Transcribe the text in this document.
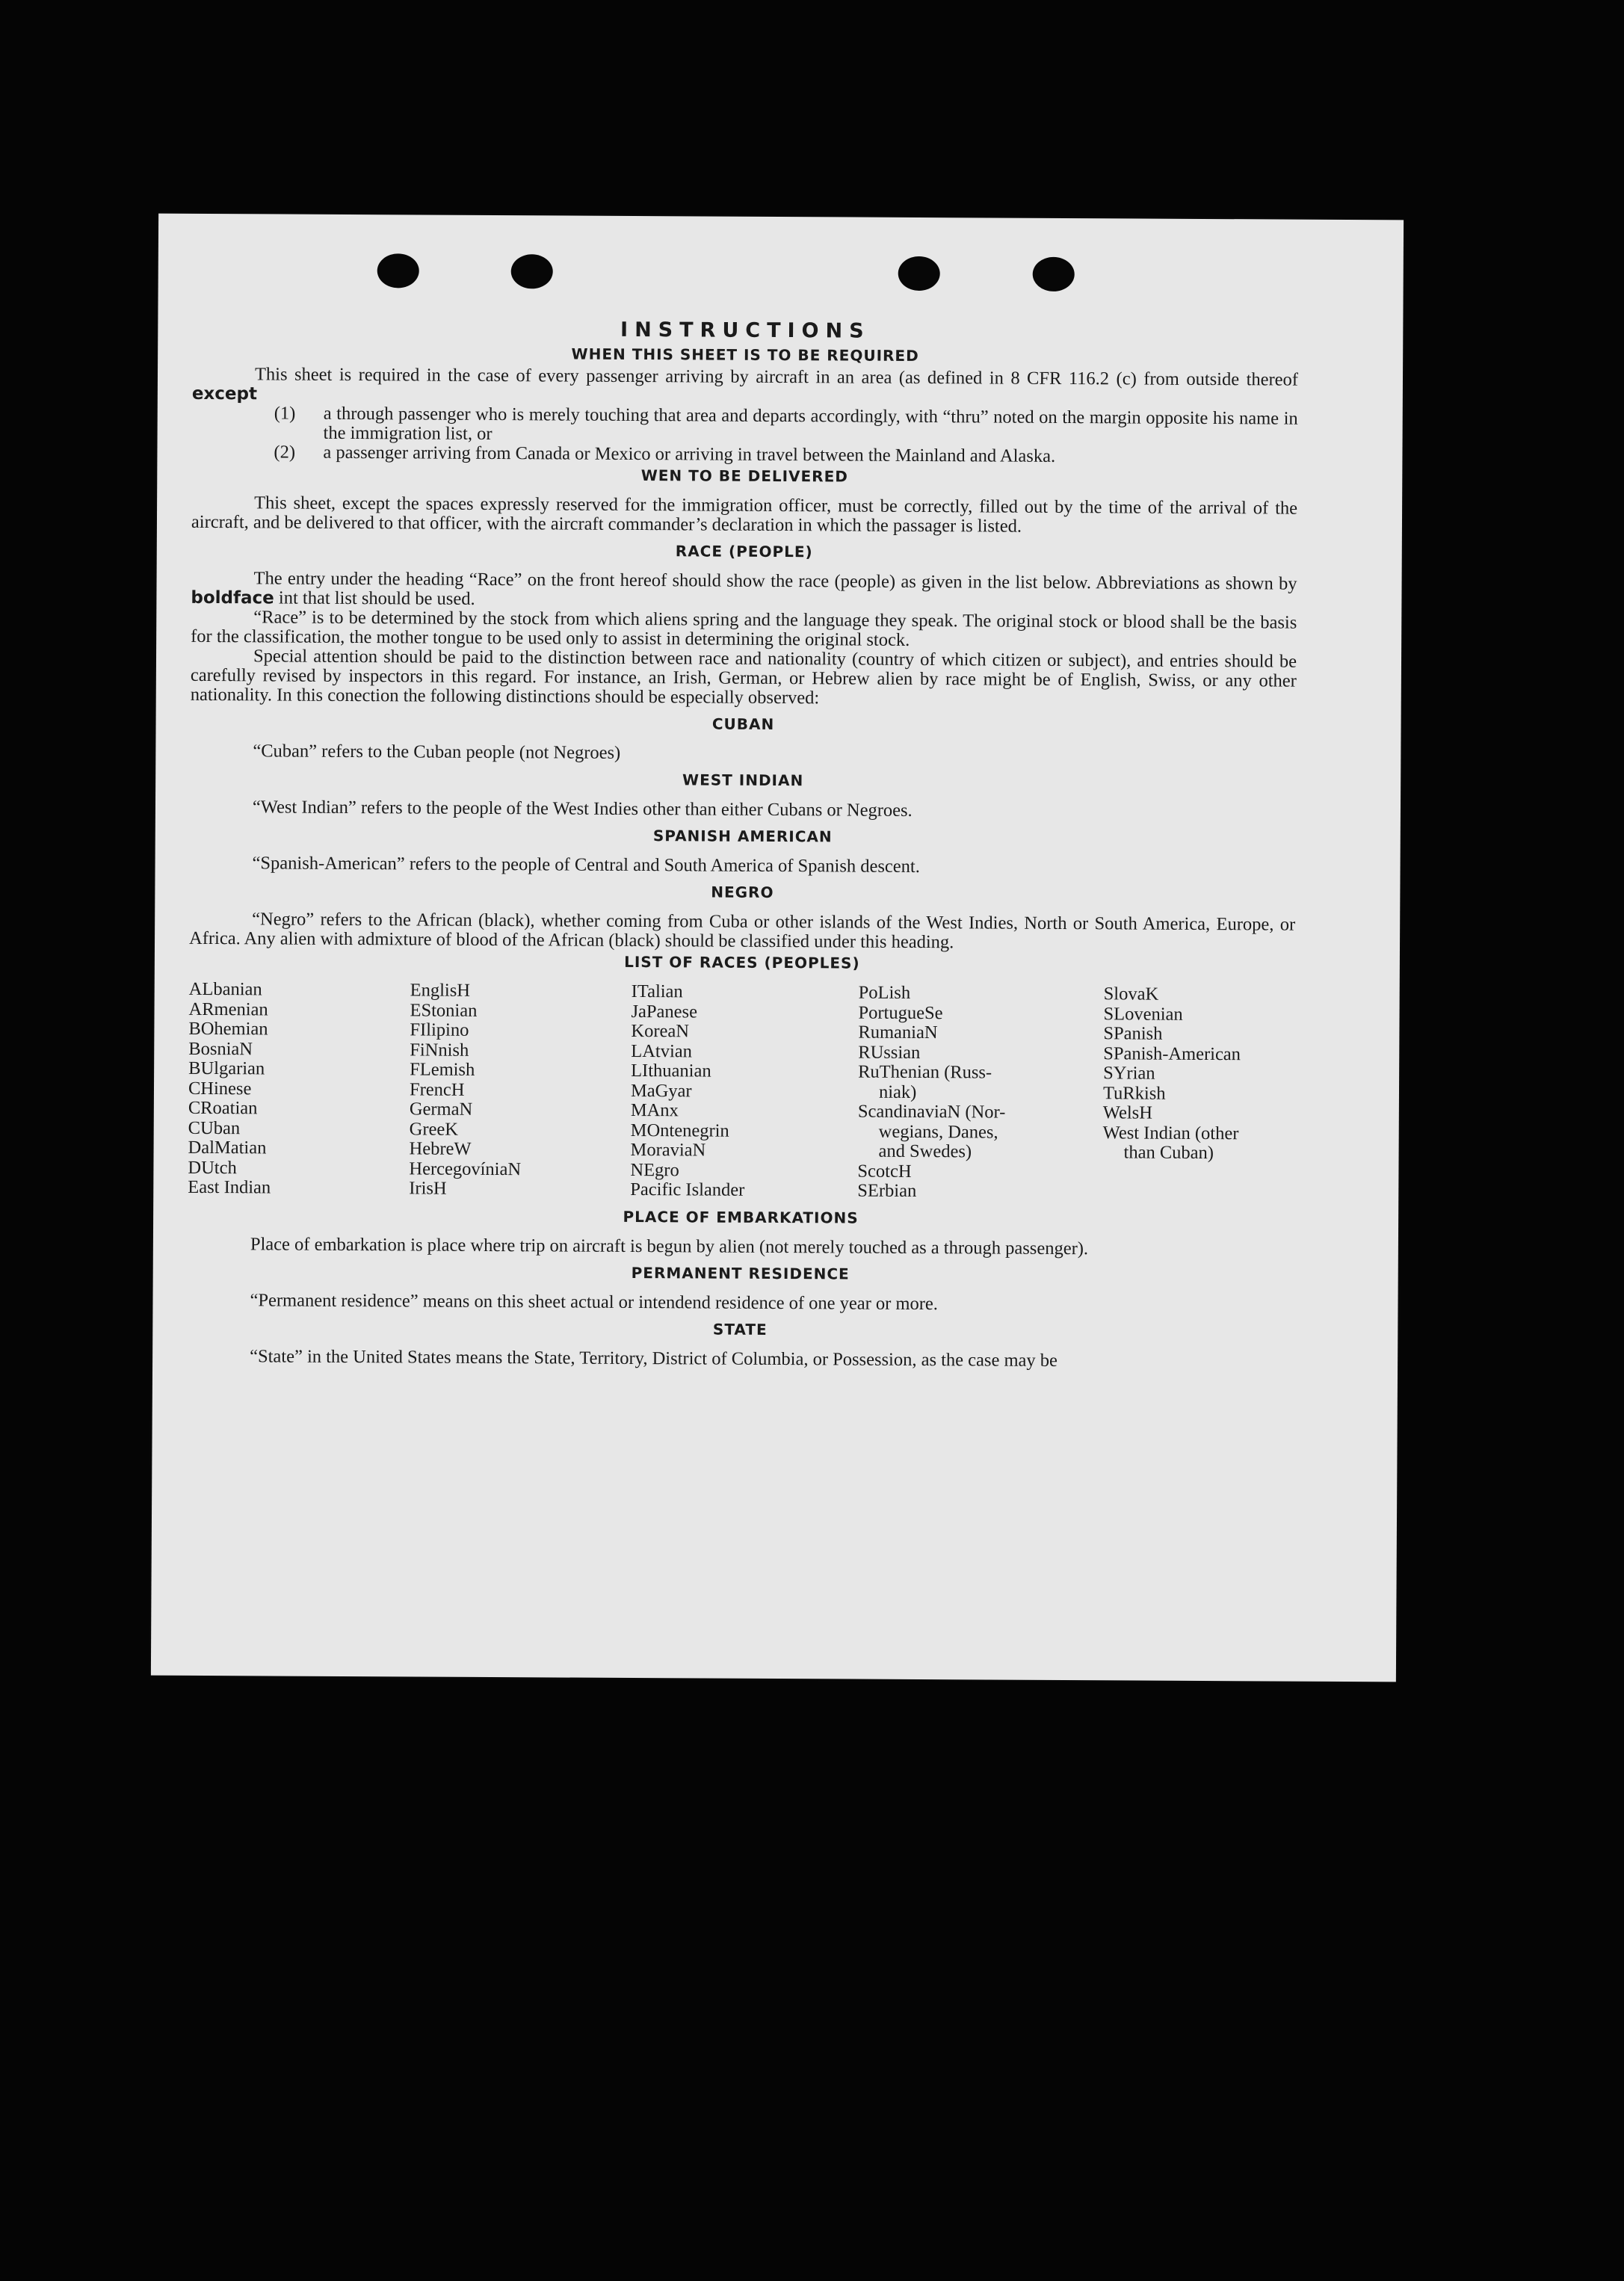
INSTRUCTIONS
WHEN THIS SHEET IS TO BE REQUIRED

This sheet is required in the case of every passenger arriving by aircraft in an area (as defined in 8 CFR 116.2 (c) from outside thereof except

(1) a through passenger who is merely touching that area and departs accordingly, with “thru” noted on the margin opposite his name in the immigration list, or
(2) a passenger arriving from Canada or Mexico or arriving in travel between the Mainland and Alaska.
WEN TO BE DELIVERED

This sheet, except the spaces expressly reserved for the immigration officer, must be correctly, filled out by the time of the arrival of the aircraft, and be delivered to that officer, with the aircraft commander’s declaration in which the passager is listed.

RACE (PEOPLE)

The entry under the heading “Race” on the front hereof should show the race (people) as given in the list below. Abbreviations as shown by boldface int that list should be used.

“Race” is to be determined by the stock from which aliens spring and the language they speak. The original stock or blood shall be the basis for the classification, the mother tongue to be used only to assist in determining the original stock.

Special attention should be paid to the distinction between race and nationality (country of which citizen or subject), and entries should be carefully revised by inspectors in this regard. For instance, an Irish, German, or Hebrew alien by race might be of English, Swiss, or any other nationality. In this conection the following distinctions should be especially observed:

CUBAN

“Cuban” refers to the Cuban people (not Negroes)

WEST INDIAN

“West Indian” refers to the people of the West Indies other than either Cubans or Negroes.

SPANISH AMERICAN

“Spanish-American” refers to the people of Central and South America of Spanish descent.

NEGRO

“Negro” refers to the African (black), whether coming from Cuba or other islands of the West Indies, North or South America, Europe, or Africa. Any alien with admixture of blood of the African (black) should be classified under this heading.

LIST OF RACES (PEOPLES)
ALbanian
ARmenian
BOhemian
BosniaN
BUlgarian
CHinese
CRoatian
CUban
DalMatian
DUtch
East Indian
EnglisH
EStonian
FIlipino
FiNnish
FLemish
FrencH
GermaN
GreeK
HebreW
HercegovíniaN
IrisH
ITalian
JaPanese
KoreaN
LAtvian
LIthuanian
MaGyar
MAnx
MOntenegrin
MoraviaN
NEgro
Pacific Islander
PoLish
PortugueSe
RumaniaN
RUssian
RuThenian (Russ-
niak)
ScandinaviaN (Nor-
wegians, Danes,
and Swedes)
ScotcH
SErbian
SlovaK
SLovenian
SPanish
SPanish-American
SYrian
TuRkish
WelsH
West Indian (other
than Cuban)
PLACE OF EMBARKATIONS

Place of embarkation is place where trip on aircraft is begun by alien (not merely touched as a through passenger).

PERMANENT RESIDENCE

“Permanent residence” means on this sheet actual or intendend residence of one year or more.

STATE

“State” in the United States means the State, Territory, District of Columbia, or Possession, as the case may be
